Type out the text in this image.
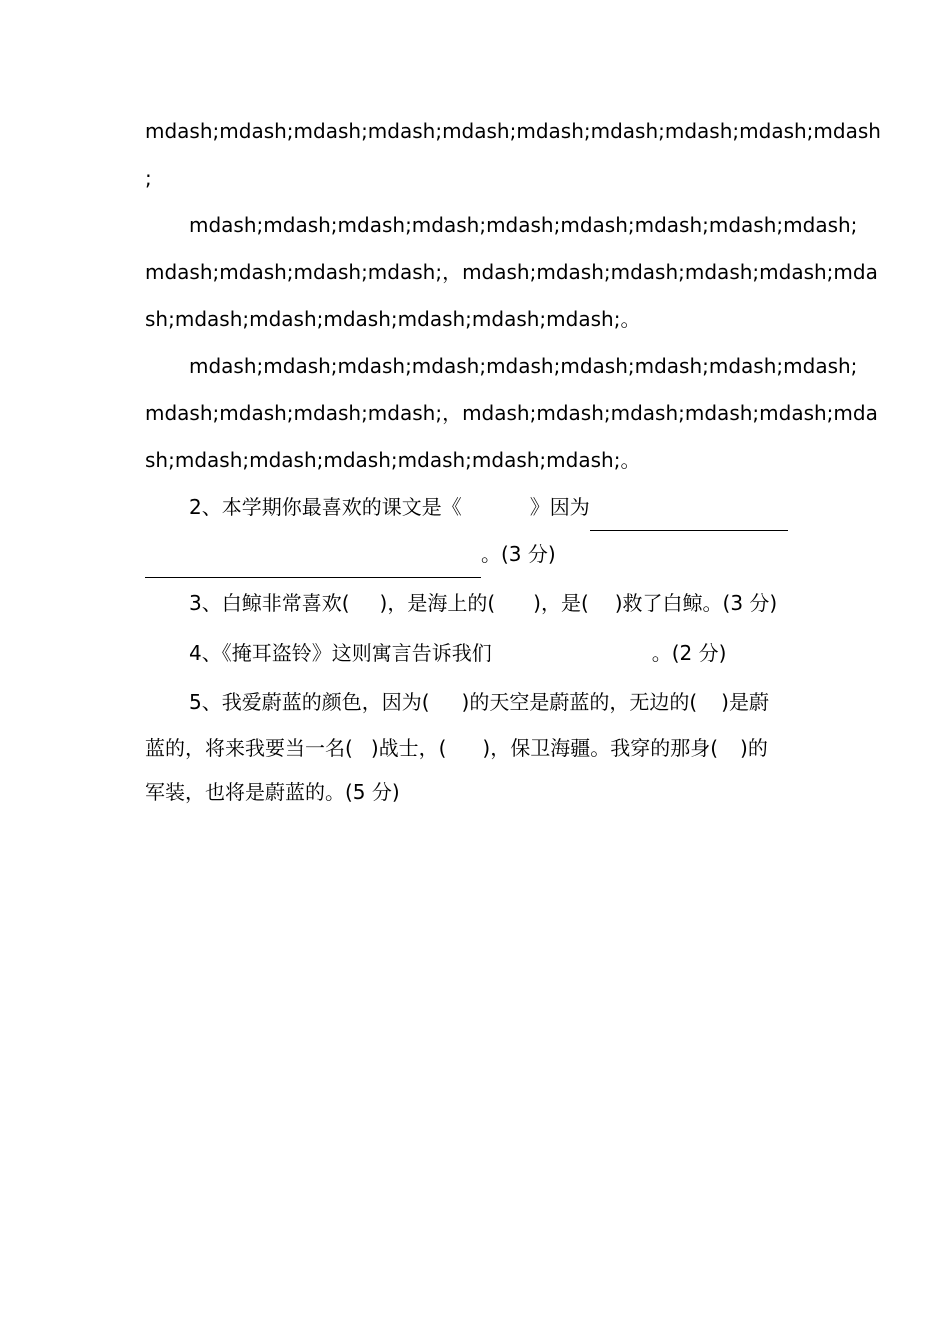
mdash;mdash;mdash;mdash;mdash;mdash;mdash;mdash;mdash;mdash
;
mdash;mdash;mdash;mdash;mdash;mdash;mdash;mdash;mdash;
mdash;mdash;mdash;mdash;， mdash;mdash;mdash;mdash;mdash;mda
sh;mdash;mdash;mdash;mdash;mdash;mdash;。
mdash;mdash;mdash;mdash;mdash;mdash;mdash;mdash;mdash;
mdash;mdash;mdash;mdash;， mdash;mdash;mdash;mdash;mdash;mda
sh;mdash;mdash;mdash;mdash;mdash;mdash;。
2、本学期你最喜欢的课文是《	》因为
。(3 分)
3、白鲸非常喜欢( )，是海上的( )，是( )救了白鲸。(3 分)
4、《掩耳盗铃》这则寓言告诉我们	。(2 分)
5、我爱蔚蓝的颜色，因为( )的天空是蔚蓝的，无边的( )是蔚
蓝的，将来我要当一名( )战士，( )，保卫海疆。我穿的那身( )的
军装，也将是蔚蓝的。(5 分)
